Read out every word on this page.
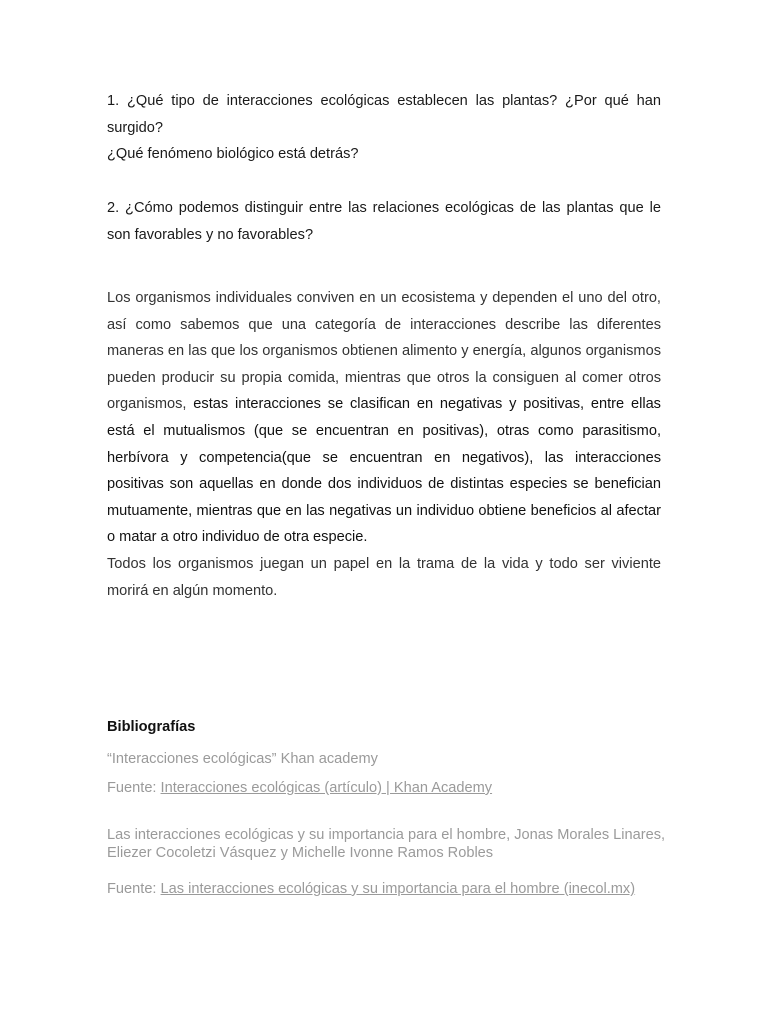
1. ¿Qué tipo de interacciones ecológicas establecen las plantas? ¿Por qué han surgido?

¿Qué fenómeno biológico está detrás?

2. ¿Cómo podemos distinguir entre las relaciones ecológicas de las plantas que le son favorables y no favorables?

Los organismos individuales conviven en un ecosistema y dependen el uno del otro, así como sabemos que una categoría de interacciones describe las diferentes maneras en las que los organismos obtienen alimento y energía, algunos organismos pueden producir su propia comida, mientras que otros la consiguen al comer otros organismos, estas interacciones se clasifican en negativas y positivas, entre ellas está el mutualismos (que se encuentran en positivas), otras como parasitismo, herbívora y competencia(que se encuentran en negativos), las interacciones positivas son aquellas en donde dos individuos de distintas especies se benefician mutuamente, mientras que en las negativas un individuo obtiene beneficios al afectar o matar a otro individuo de otra especie.

Todos los organismos juegan un papel en la trama de la vida y todo ser viviente morirá en algún momento.

Bibliografías

“Interacciones ecológicas” Khan academy

Fuente: Interacciones ecológicas (artículo) | Khan Academy

Las interacciones ecológicas y su importancia para el hombre, Jonas Morales Linares, Eliezer Cocoletzi Vásquez y Michelle Ivonne Ramos Robles

Fuente: Las interacciones ecológicas y su importancia para el hombre (inecol.mx)
